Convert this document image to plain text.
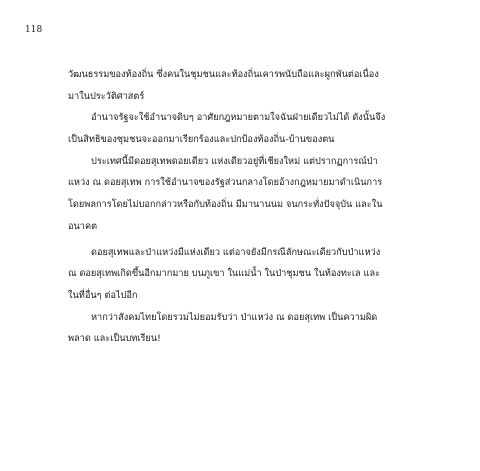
118
วัฒนธรรมของท้องถิ่น ซึ่งคนในชุมชนและท้องถิ่นเคารพนับถือและผูกพันต่อเนื่อง
มาในประวัติศาสตร์
อำนาจรัฐจะใช้อำนาจดิบๆ อาศัยกฎหมายตามใจฉันฝ่ายเดียวไม่ได้ ดังนั้นจึง
เป็นสิทธิของชุมชนจะออกมาเรียกร้องและปกป้องท้องถิ่น-บ้านของตน
ประเทศนี้มีดอยสุเทพดอยเดียว แห่งเดียวอยู่ที่เชียงใหม่ แต่ปรากฏการณ์ป่า
แหว่ง ณ ดอยสุเทพ การใช้อำนาจของรัฐส่วนกลางโดยอ้างกฎหมายมาดำเนินการ
โดยพลการโดยไม่บอกกล่าวหรือกับท้องถิ่น มีมานานนม จนกระทั่งปัจจุบัน และใน
อนาคต
ดอยสุเทพและป่าแหว่งมีแห่งเดียว แต่อาจยังมีกรณีลักษณะเดียวกับป่าแหว่ง
ณ ดอยสุเทพเกิดขึ้นอีกมากมาย บนภูเขา ในแม่น้ำ ในป่าชุมชน ในท้องทะเล และ
ในที่อื่นๆ ต่อไปอีก
หากว่าสังคมไทยโดยรวมไม่ยอมรับว่า ป่าแหว่ง ณ ดอยสุเทพ เป็นความผิด
พลาด และเป็นบทเรียน!
